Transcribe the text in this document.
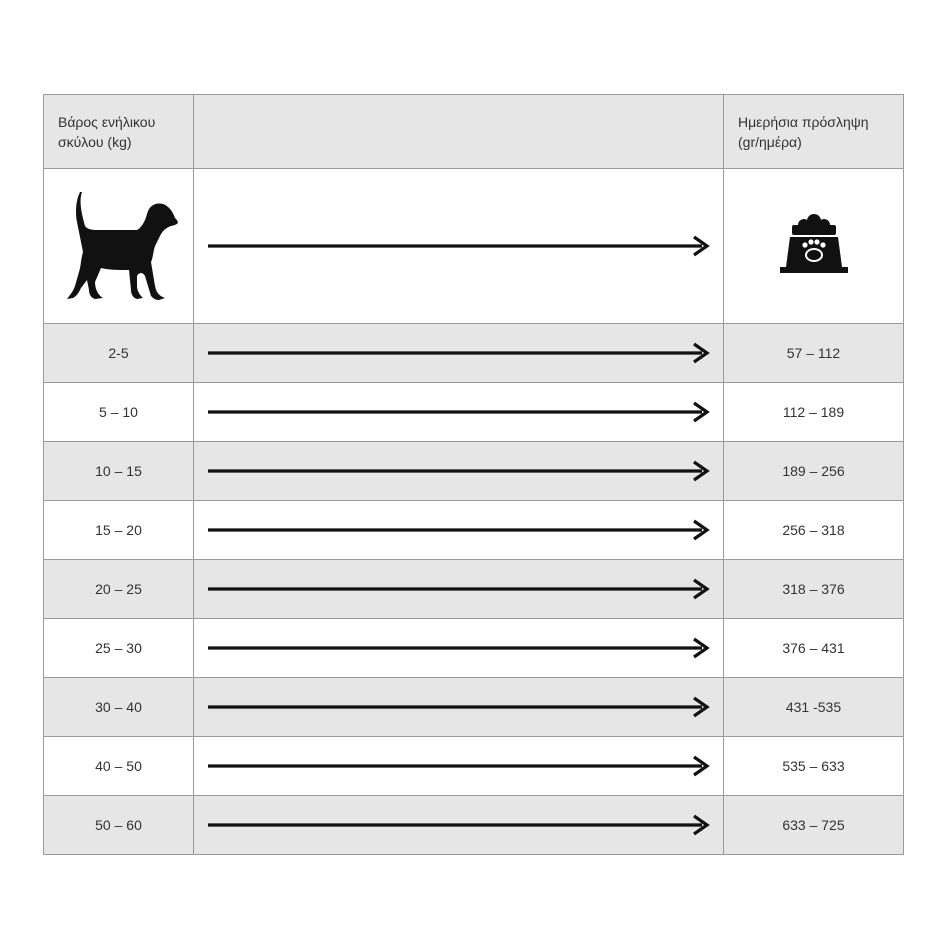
Βάρος ενήλικου σκύλου (kg)		Ημερήσια πρόσληψη (gr/ημέρα)

2-5		57 – 112
5 – 10		112 – 189
10 – 15		189 – 256
15 – 20		256 – 318
20 – 25		318 – 376
25 – 30		376 – 431
30 – 40		431 -535
40 – 50		535 – 633
50 – 60		633 – 725
